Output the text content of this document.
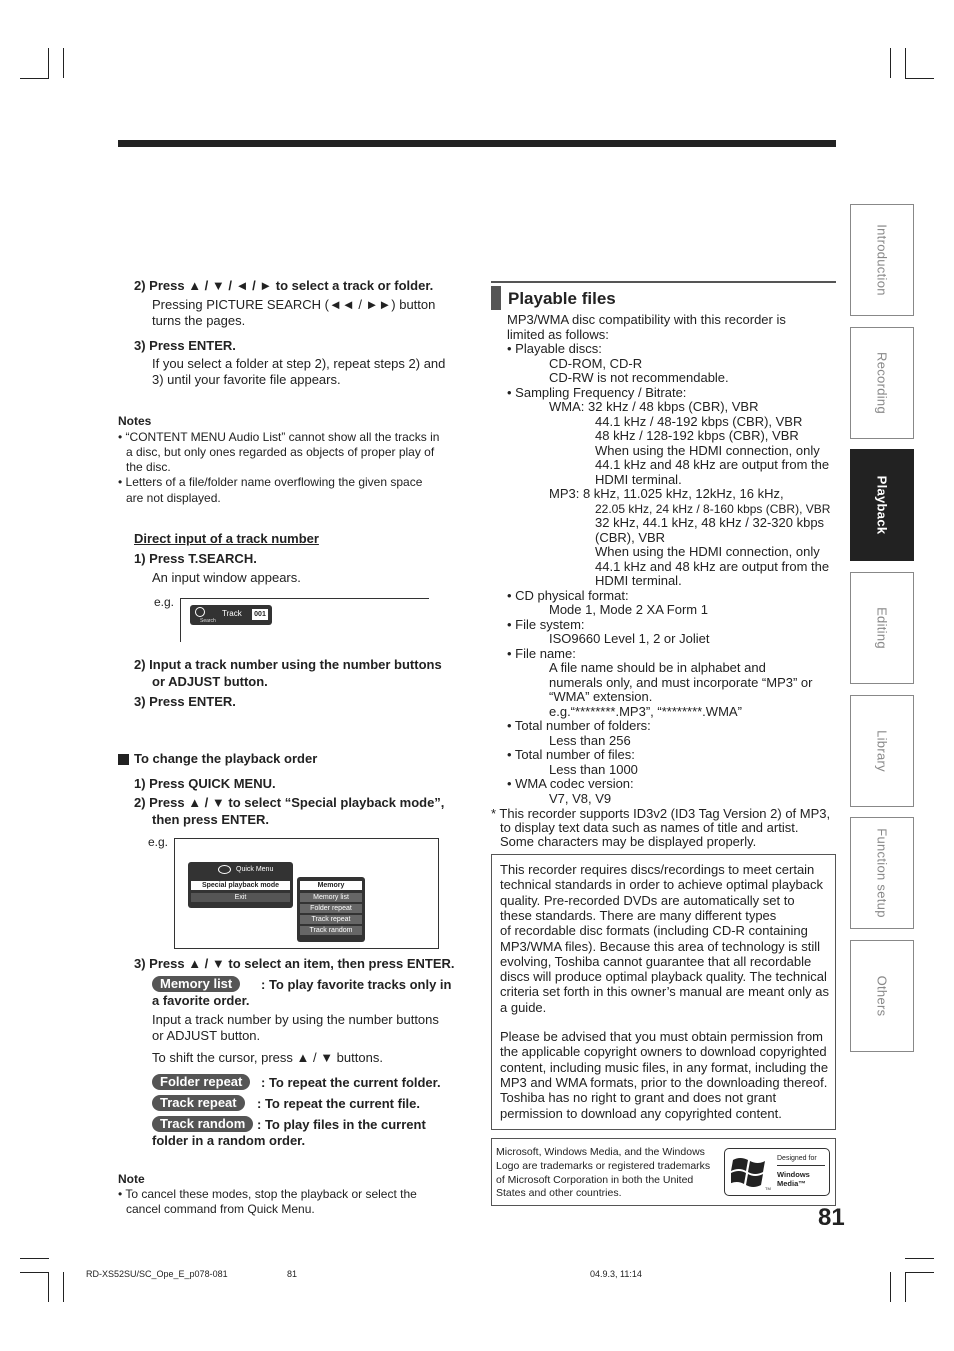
Introduction
Recording
Playback
Editing
Library
Function setup
Others
2) Press ▲ / ▼ / ◄ / ► to select a track or folder.
Pressing PICTURE SEARCH (◄◄ / ►►) button
turns the pages.
3) Press ENTER.
If you select a folder at step 2), repeat steps 2) and
3) until your favorite file appears.
Notes
• “CONTENT MENU Audio List” cannot show all the tracks in
a disc, but only ones regarded as objects of proper play of
the disc.
• Letters of a file/folder name overflowing the given space
are not displayed.
Direct input of a track number
1) Press T.SEARCH.
An input window appears.
e.g.
Search
Track	001
2) Input a track number using the number buttons
or ADJUST button.
3) Press ENTER.
To change the playback order
1) Press QUICK MENU.
2) Press ▲ / ▼ to select “Special playback mode”,
then press ENTER.
e.g.
Quick Menu
Special playback mode
Exit
Memory
Memory list
Folder repeat
Track repeat
Track random
3) Press ▲ / ▼ to select an item, then press ENTER.
Memory list	: To play favorite tracks only in
a favorite order.
Input a track number by using the number buttons
or ADJUST button.
To shift the cursor, press ▲ / ▼ buttons.
Folder repeat	: To repeat the current folder.
Track repeat	: To repeat the current file.
Track random : To play files in the current
folder in a random order.
Note
• To cancel these modes, stop the playback or select the
cancel command from Quick Menu.
Playable files
MP3/WMA disc compatibility with this recorder is
limited as follows:
• Playable discs:
CD-ROM, CD-R
CD-RW is not recommendable.
• Sampling Frequency / Bitrate:
WMA: 32 kHz / 48 kbps (CBR), VBR
44.1 kHz / 48-192 kbps (CBR), VBR
48 kHz / 128-192 kbps (CBR), VBR
When using the HDMI connection, only
44.1 kHz and 48 kHz are output from the
HDMI terminal.
MP3: 8 kHz, 11.025 kHz, 12kHz, 16 kHz,
22.05 kHz, 24 kHz / 8-160 kbps (CBR), VBR
32 kHz, 44.1 kHz, 48 kHz / 32-320 kbps
(CBR), VBR
When using the HDMI connection, only
44.1 kHz and 48 kHz are output from the
HDMI terminal.
• CD physical format:
Mode 1, Mode 2 XA Form 1
• File system:
ISO9660 Level 1, 2 or Joliet
• File name:
A file name should be in alphabet and
numerals only, and must incorporate “MP3” or
“WMA” extension.
e.g.“********.MP3”, “********.WMA”
• Total number of folders:
Less than 256
• Total number of files:
Less than 1000
• WMA codec version:
V7, V8, V9
* This recorder supports ID3v2 (ID3 Tag Version 2) of MP3,
to display text data such as names of title and artist.
Some characters may be displayed properly.
This recorder requires discs/recordings to meet certain
technical standards in order to achieve optimal playback
quality. Pre-recorded DVDs are automatically set to
these standards. There are many different types
of recordable disc formats (including CD-R containing
MP3/WMA files). Because this area of technology is still
evolving, Toshiba cannot guarantee that all recordable
discs will produce optimal playback quality. The technical
criteria set forth in this owner’s manual are meant only as
a guide.
Please be advised that you must obtain permission from
the applicable copyright owners to download copyrighted
content, including music files, in any format, including the
MP3 and WMA formats, prior to the downloading thereof.
Toshiba has no right to grant and does not grant
permission to download any copyrighted content.
Microsoft, Windows Media, and the Windows
Logo are trademarks or registered trademarks
of Microsoft Corporation in both the United
States and other countries.	TM
Designed for
Windows
Media™
81
RD-XS52SU/SC_Ope_E_p078-081	81	04.9.3, 11:14
